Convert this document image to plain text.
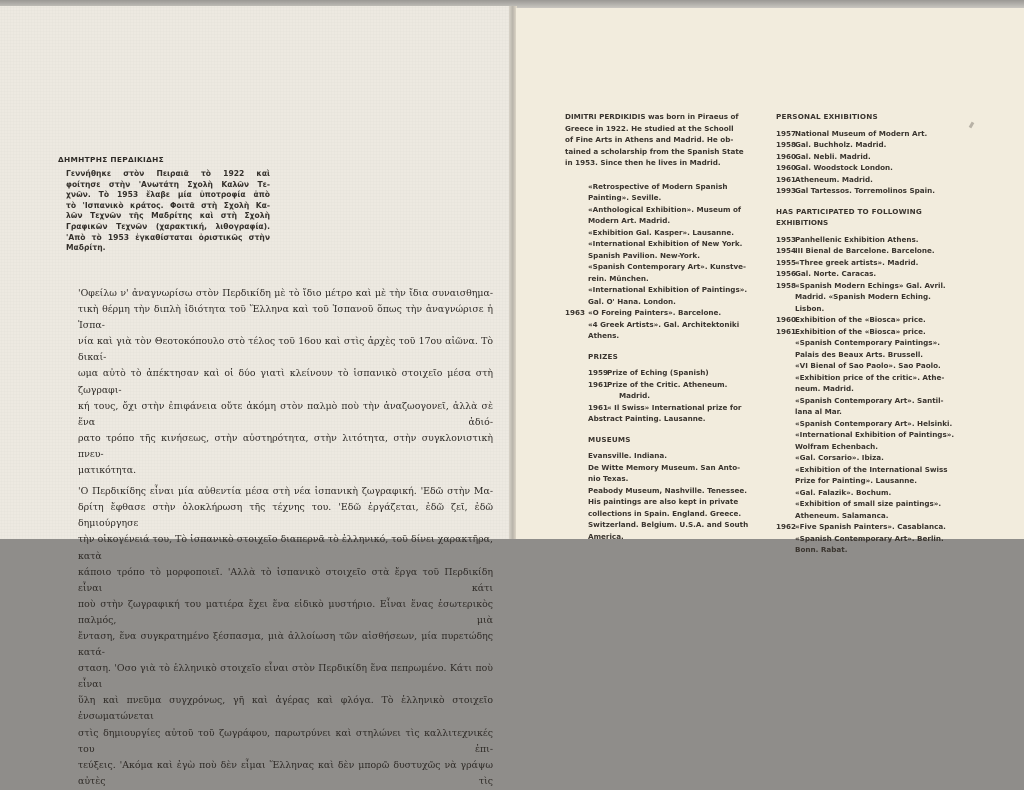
ΔΗΜΗΤΡΗΣ ΠΕΡΔΙΚΙΔΗΣ
Γεννήθηκε στὸν Πειραιᾶ τὸ 1922 καὶ
φοίτησε στὴν 'Ανωτάτη Σχολὴ Καλῶν Τε-
χνῶν. Τὸ 1953 ἔλαβε μία ὑποτροφία ἀπὸ
τὸ 'Ισπανικὸ κράτος. Φοιτᾶ στὴ Σχολὴ Κα-
λῶν Τεχνῶν τῆς Μαδρίτης καὶ στὴ Σχολὴ
Γραφικῶν Τεχνῶν (χαρακτική, λιθογραφία).
'Απὸ τὸ 1953 ἐγκαθίσταται ὁριστικῶς στὴν
Μαδρίτη.
'Οφείλω ν' ἀναγνωρίσω στὸν Περδικίδη μὲ τὸ ἴδιο μέτρο καὶ μὲ τὴν ἴδια συναισθημα-
τικὴ θέρμη τὴν διπλὴ ἰδιότητα τοῦ Ἕλληνα καὶ τοῦ Ἱσπανοῦ ὅπως τὴν ἀναγνώρισε ἡ Ἱσπα-
νία καὶ γιὰ τὸν Θεοτοκόπουλο στὸ τέλος τοῦ 16ου καὶ στὶς ἀρχὲς τοῦ 17ου αἰῶνα. Τὸ δικαί-
ωμα αὐτὸ τὸ ἀπέκτησαν καὶ οἱ δύο γιατὶ κλείνουν τὸ ἱσπανικὸ στοιχεῖο μέσα στὴ ζωγραφι-
κή τους, ὄχι στὴν ἐπιφάνεια οὔτε ἀκόμη στὸν παλμὸ ποὺ τὴν ἀναζωογονεῖ, ἀλλὰ σὲ ἕνα ἀδιό-
ρατο τρόπο τῆς κινήσεως, στὴν αὐστηρότητα, στὴν λιτότητα, στὴν συγκλονιστικὴ πνευ-
ματικότητα.
'Ο Περδικίδης εἶναι μία αὐθεντία μέσα στὴ νέα ἱσπανικὴ ζωγραφική. 'Εδῶ στὴν Μα-
δρίτη ἔφθασε στὴν ὁλοκλήρωση τῆς τέχνης του. 'Εδῶ ἐργάζεται, ἐδῶ ζεῖ, ἐδῶ δημιούργησε
τὴν οἰκογένειά του, Τὸ ἱσπανικὸ στοιχεῖο διαπερνᾶ τὸ ἑλληνικό, τοῦ δίνει χαρακτῆρα, κατὰ
κάποιο τρόπο τὸ μορφοποιεῖ. 'Αλλὰ τὸ ἱσπανικὸ στοιχεῖο στὰ ἔργα τοῦ Περδικίδη εἶναι κάτι
ποὺ στὴν ζωγραφική του ματιέρα ἔχει ἕνα εἰδικὸ μυστήριο. Εἶναι ἕνας ἐσωτερικὸς παλμός, μιὰ
ἔνταση, ἕνα συγκρατημένο ξέσπασμα, μιὰ ἀλλοίωση τῶν αἰσθήσεων, μία πυρετώδης κατά-
σταση. 'Οσο γιὰ τὸ ἑλληνικὸ στοιχεῖο εἶναι στὸν Περδικίδη ἕνα πεπρωμένο. Κάτι ποὺ εἶναι
ὕλη καὶ πνεῦμα συγχρόνως, γῆ καὶ ἀγέρας καὶ φλόγα. Τὸ ἑλληνικὸ στοιχεῖο ἐνσωματώνεται
στὶς δημιουργίες αὐτοῦ τοῦ ζωγράφου, παρωτρύνει καὶ στηλώνει τὶς καλλιτεχνικές του ἐπι-
τεύξεις. 'Ακόμα καὶ ἐγὼ ποὺ δὲν εἶμαι Ἕλληνας καὶ δὲν μπορῶ δυστυχῶς νὰ γράψω αὐτὲς τὶς
DIMITRI PERDIKIDIS was born in Piraeus of
Greece in 1922. He studied at the Schooll
of Fine Arts in Athens and Madrid. He ob-
tained a scholarship from the Spanish State
in 1953. Since then he lives in Madrid.
«Retrospective of Modern Spanish
Painting». Seville.
«Anthological Exhibition». Museum of
Modern Art. Madrid.
«Exhibition Gal. Kasper». Lausanne.
«International Exhibition of New York.
Spanish Pavilion. New-York.
«Spanish Contemporary Art». Kunstve-
rein. München.
«International Exhibition of Paintings».
Gal. O' Hana. London.
1963 «O Foreing Painters». Barcelone.
«4 Greek Artists». Gal. Architektoniki
Athens.
PRIZES
1959Prize of Eching (Spanish)
1961Prize of the Critic. Atheneum.
Madrid.
1961« Il Swiss» International prize for
Abstract Painting. Lausanne.
MUSEUMS
Evansville. Indiana.
De Witte Memory Museum. San Anto-
nio Texas.
Peabody Museum, Nashville. Tenessee.
His paintings are also kept in private
collections in Spain. England. Greece.
Switzerland. Belgium. U.S.A. and South
America.
PERSONAL EXHIBITIONS
1957National Museum of Modern Art.
1958Gal. Buchholz. Madrid.
1960Gal. Nebli. Madrid.
1960Gal. Woodstock London.
1961Atheneum. Madrid.
1993Gal Tartessos. Torremolinos Spain.
HAS PARTICIPATED TO FOLLOWING
EXHIBITIONS
1953Panhellenic Exhibition Athens.
1954III Bienal de Barcelone. Barcelone.
1955«Three greek artists». Madrid.
1956Gal. Norte. Caracas.
1958«Spanish Modern Echings» Gal. Avril.
Madrid. «Spanish Modern Eching.
Lisbon.
1960Exhibition of the «Biosca» price.
1961Exhibition of the «Biosca» price.
«Spanish Contemporary Paintings».
Palais des Beaux Arts. Brussell.
«VI Bienal of Sao Paolo». Sao Paolo.
«Exhibition price of the critic». Athe-
neum. Madrid.
«Spanish Contemporary Art». Santil-
lana al Mar.
«Spanish Contemporary Art». Helsinki.
«International Exhibition of Paintings».
Wolfram Echenbach.
«Gal. Corsario». Ibiza.
«Exhibition of the International Swiss
Prize for Painting». Lausanne.
«Gal. Falazik». Bochum.
«Exhibition of small size paintings».
Atheneum. Salamanca.
1962«Five Spanish Painters». Casablanca.
«Spanish Contemporary Art». Berlin.
Bonn. Rabat.
